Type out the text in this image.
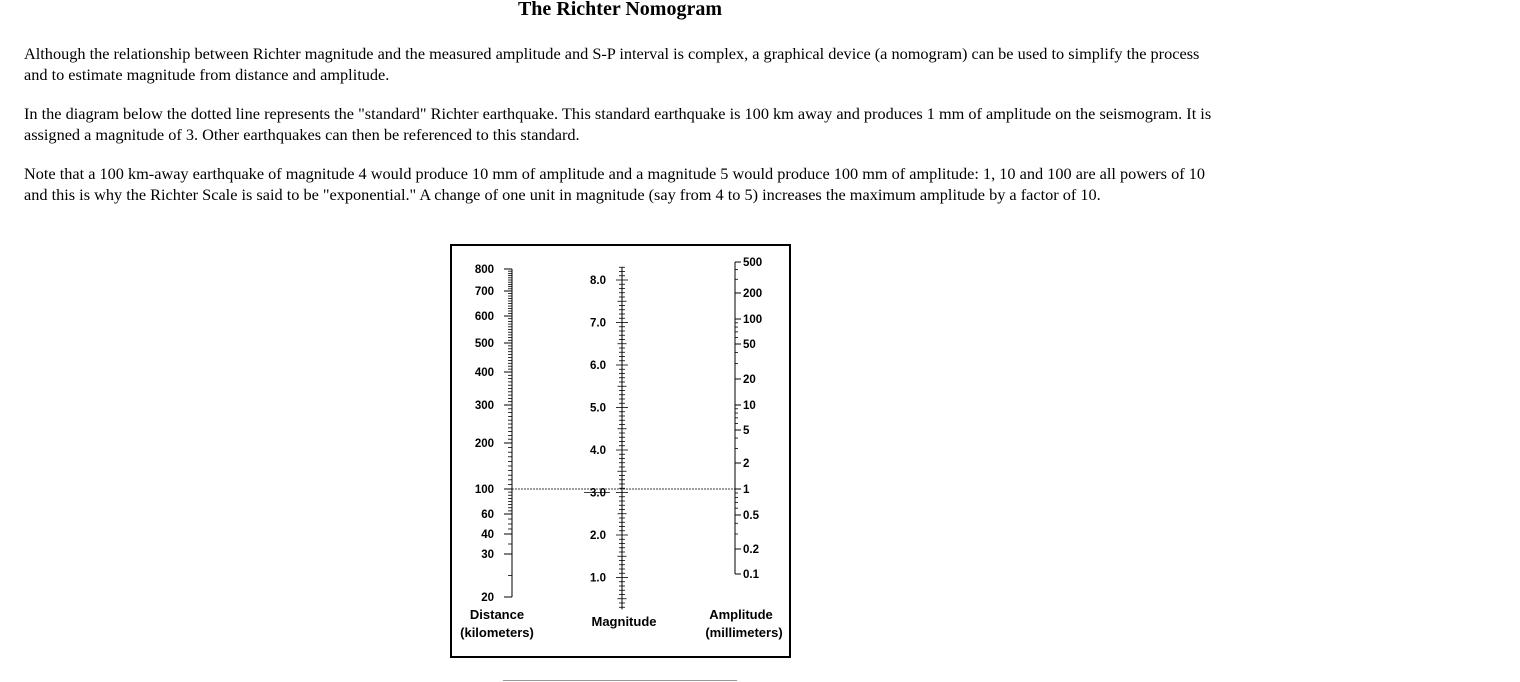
The Richter Nomogram

Although the relationship between Richter magnitude and the measured amplitude and S-P interval is complex, a graphical device (a nomogram) can be used to simplify the process and to estimate magnitude from distance and amplitude.

In the diagram below the dotted line represents the "standard" Richter earthquake. This standard earthquake is 100 km away and produces 1 mm of amplitude on the seismogram. It is assigned a magnitude of 3. Other earthquakes can then be referenced to this standard.

Note that a 100 km-away earthquake of magnitude 4 would produce 10 mm of amplitude and a magnitude 5 would produce 100 mm of amplitude: 1, 10 and 100 are all powers of 10 and this is why the Richter Scale is said to be "exponential." A change of one unit in magnitude (say from 4 to 5) increases the maximum amplitude by a factor of 10.

800
700
600
500
400
300
200
100
60
40
30
20
8.0
7.0
6.0
5.0
4.0
3.0
2.0
1.0
500
200
100
50
20
10
5
2
1
0.5
0.2
0.1
Distance
(kilometers)
Magnitude	Amplitude
(millimeters)
